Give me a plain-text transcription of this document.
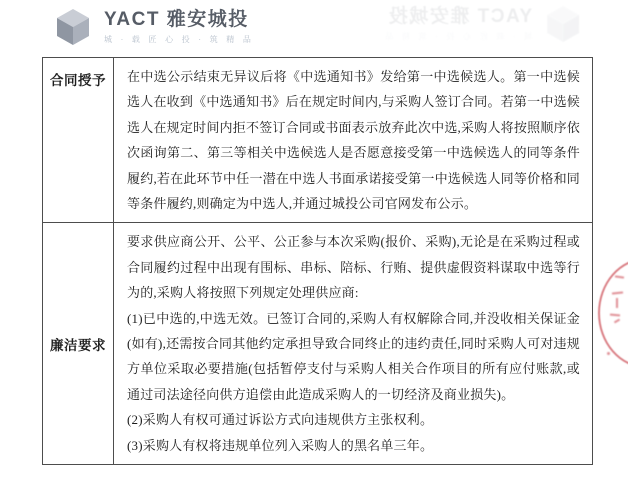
YACT 雅安城投
城 · 载 匠 心 投 · 筑 精 品
YACT 雅安城投
城 · 载 匠 心 投 · 筑 精 品
合同授予	在中选公示结束无异议后将《中选通知书》发给第一中选候选人。第一中选候选人在收到《中选通知书》后在规定时间内,与采购人签订合同。若第一中选候选人在规定时间内拒不签订合同或书面表示放弃此次中选,采购人将按照顺序依次函询第二、第三等相关中选候选人是否愿意接受第一中选候选人的同等条件履约,若在此环节中任一潜在中选人书面承诺接受第一中选候选人同等价格和同等条件履约,则确定为中选人,并通过城投公司官网发布公示。

廉洁要求	要求供应商公开、公平、公正参与本次采购(报价、采购),无论是在采购过程或合同履约过程中出现有围标、串标、陪标、行贿、提供虚假资料谋取中选等行为的,采购人将按照下列规定处理供应商:

(1)已中选的,中选无效。已签订合同的,采购人有权解除合同,并没收相关保证金(如有),还需按合同其他约定承担导致合同终止的违约责任,同时采购人可对违规方单位采取必要措施(包括暂停支付与采购人相关合作项目的所有应付账款,或通过司法途径向供方追偿由此造成采购人的一切经济及商业损失)。

(2)采购人有权可通过诉讼方式向违规供方主张权利。

(3)采购人有权将违规单位列入采购人的黑名单三年。
